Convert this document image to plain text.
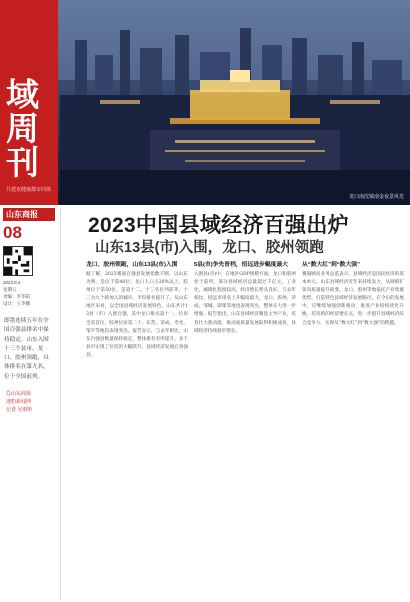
龙口南沈镇南金夜景风光
域
周刊
共建亚健康都市同体
山东商报
08
2023.8.4
星期五
责编：李冬阳
设计：王李娜
即墨连续五年在全国百强县排名中保持稳定、山东入围十三个县市、龙口、胶州领跑，具体排名在第九名，位于全国前列。
◎山东商报·
速豹新闻网
记者 吴雨昕
2023中国县域经济百强出炉
山东13县(市)入围，龙口、胶州领跑
龙口、胶州领跑，山东13县(市)入围
据了解，2023赛迪百强县发展指数不断，以山东为例，是位于第48位；龙口人口占20%以上，胶州位于第50位，是第十二、十三名位列前茅，十三为九个新加入的城市，平均排名提升了。从山东地区来看，以全国县域经济发展特色，山东共计13县（市）入围百强，其中龙口排名第十一，位居全省首位，胶州位居第二十，东营、荣成、寿光、邹平等地均表现突出。报告显示，与去年相比，山东百强县数量保持稳定，整体排名有所提升，多个县市实现了位次的大幅跃升，县域经济发展后劲强劲。
5县(市)争先晋档，招远进步幅度最大
入围县(市)中，在地区GDP规模方面，龙口和胶州处于前列，部分县域经济总量超过千亿元，工业化、城镇化程度较高，经济增长势头良好。与去年相比，招远市排名上升幅度最大，龙口、胶州、荣成、邹城、即墨等地也表现突出，整体实力进一步增强。报告指出，山东县域经济聚焦主导产业，培育壮大新动能，推动高质量发展取得积极成效，县域经济持续稳步增长。
从“数大红”到“数大强”
赛迪顾问业务总监表示，县域经济是国民经济的基本单元，山东县域经济近年来持续发力，从规模扩张向质量提升转变，龙口、胶州等地依托产业集群优势，打造特色县域经济发展路径。在今后的发展中，应继续加强创新驱动，推进产业结构优化升级，培育新的经济增长点，进一步提升县域经济综合竞争力，实现从“数大红”到“数大强”的跨越。
